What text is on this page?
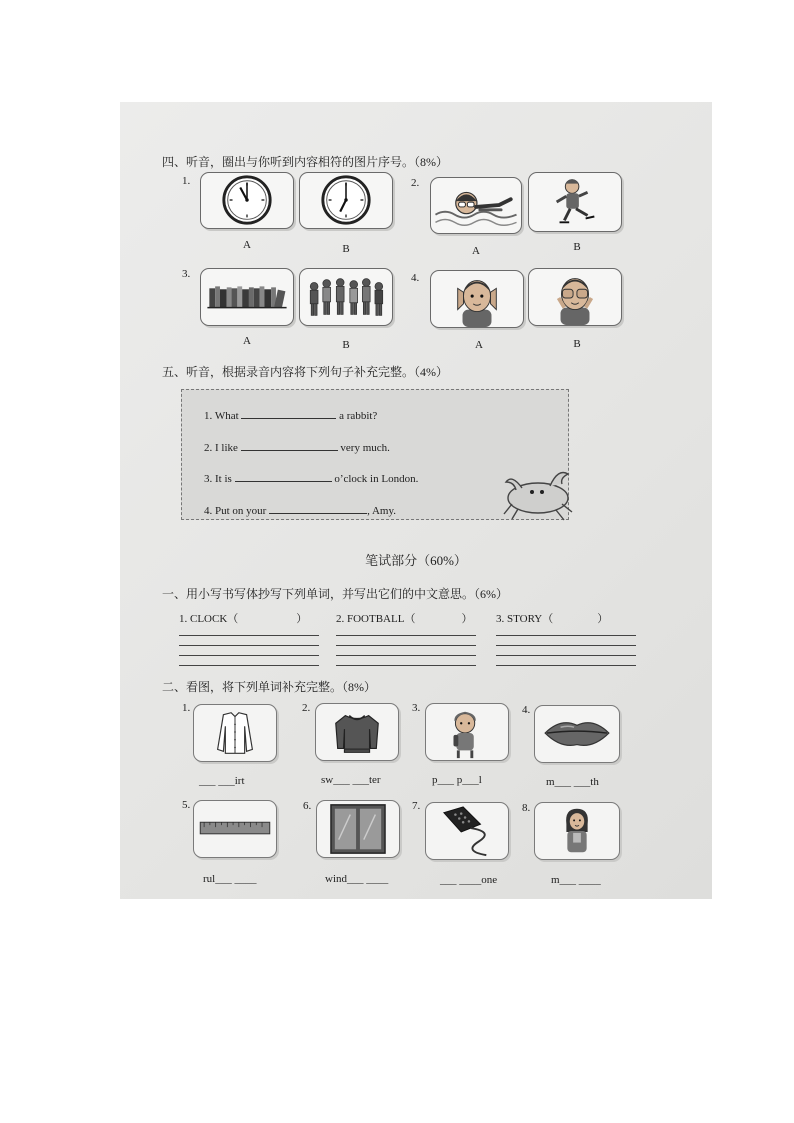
四、听音，圈出与你听到内容相符的图片序号。（8%）
1.
A	B
2.
A	B
3.
A	B
4.
A	B
五、听音，根据录音内容将下列句子补充完整。（4%）
1. What	a rabbit?
2. I like	very much.
3. It is	o’clock in London.
4. Put on your	, Amy.
笔试部分（60%）
一、用小写书写体抄写下列单词，并写出它们的中文意思。（6%）
1. CLOCK（	）	2. FOOTBALL（	） 3. STORY（	）
二、看图，将下列单词补充完整。（8%）
1.
___ ___irt
2.
sw___ ___ter
3.
p___ p___l
4.
m___ ___th
5.
rul___ ____
6.
wind___ ____
7.
___ ____one
8.
m___ ____
